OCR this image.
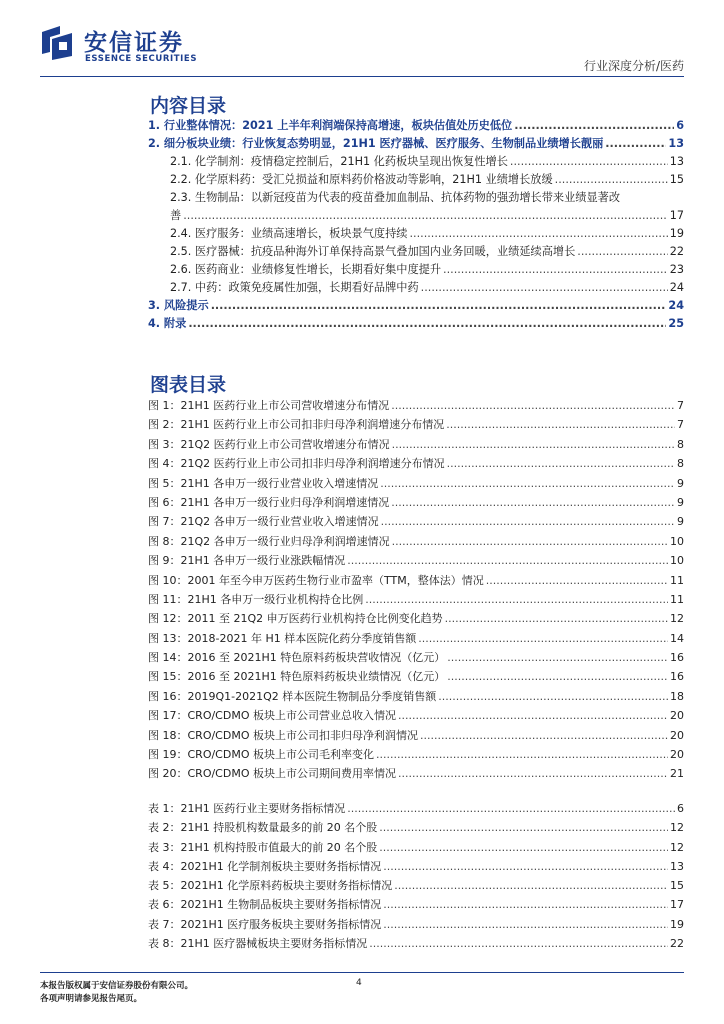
安信证券
ESSENCE SECURITIES	行业深度分析/医药
内容目录
1. 行业整体情况：2021 上半年利润端保持高增速，板块估值处历史低位 .....	6
2. 细分板块业绩：行业恢复态势明显，21H1 医疗器械、医疗服务、生物制品业绩增长靓丽 .....	13
2.1. 化学制剂：疫情稳定控制后，21H1 化药板块呈现出恢复性增长 .....	13
2.2. 化学原料药：受汇兑损益和原料药价格波动等影响，21H1 业绩增长放缓 .....	15
2.3. 生物制品：以新冠疫苗为代表的疫苗叠加血制品、抗体药物的强劲增长带来业绩显著改
善 .....	17
2.4. 医疗服务：业绩高速增长，板块景气度持续 .....	19
2.5. 医疗器械：抗疫品种海外订单保持高景气叠加国内业务回暖，业绩延续高增长 .....	22
2.6. 医药商业：业绩修复性增长，长期看好集中度提升 .....	23
2.7. 中药：政策免疫属性加强，长期看好品牌中药 .....	24
3. 风险提示 .....	24
4. 附录 .....	25
图表目录
图 1：21H1 医药行业上市公司营收增速分布情况 .....	7
图 2：21H1 医药行业上市公司扣非归母净利润增速分布情况 .....	7
图 3：21Q2 医药行业上市公司营收增速分布情况 .....	8
图 4：21Q2 医药行业上市公司扣非归母净利润增速分布情况 .....	8
图 5：21H1 各申万一级行业营业收入增速情况 .....	9
图 6：21H1 各申万一级行业归母净利润增速情况 .....	9
图 7：21Q2 各申万一级行业营业收入增速情况 .....	9
图 8：21Q2 各申万一级行业归母净利润增速情况 .....	10
图 9：21H1 各申万一级行业涨跌幅情况 .....	10
图 10：2001 年至今申万医药生物行业市盈率（TTM，整体法）情况 .....	11
图 11：21H1 各申万一级行业机构持仓比例 .....	11
图 12：2011 至 21Q2 申万医药行业机构持仓比例变化趋势 .....	12
图 13：2018-2021 年 H1 样本医院化药分季度销售额 .....	14
图 14：2016 至 2021H1 特色原料药板块营收情况（亿元） .....	16
图 15：2016 至 2021H1 特色原料药板块业绩情况（亿元） .....	16
图 16：2019Q1-2021Q2 样本医院生物制品分季度销售额 .....	18
图 17：CRO/CDMO 板块上市公司营业总收入情况 .....	20
图 18：CRO/CDMO 板块上市公司扣非归母净利润情况 .....	20
图 19：CRO/CDMO 板块上市公司毛利率变化 .....	20
图 20：CRO/CDMO 板块上市公司期间费用率情况 .....	21
表 1：21H1 医药行业主要财务指标情况 .....	6
表 2：21H1 持股机构数量最多的前 20 名个股 .....	12
表 3：21H1 机构持股市值最大的前 20 名个股 .....	12
表 4：2021H1 化学制剂板块主要财务指标情况 .....	13
表 5：2021H1 化学原料药板块主要财务指标情况 .....	15
表 6：2021H1 生物制品板块主要财务指标情况 .....	17
表 7：2021H1 医疗服务板块主要财务指标情况 .....	19
表 8：21H1 医疗器械板块主要财务指标情况 .....	22
本报告版权属于安信证券股份有限公司。
各项声明请参见报告尾页。
4
